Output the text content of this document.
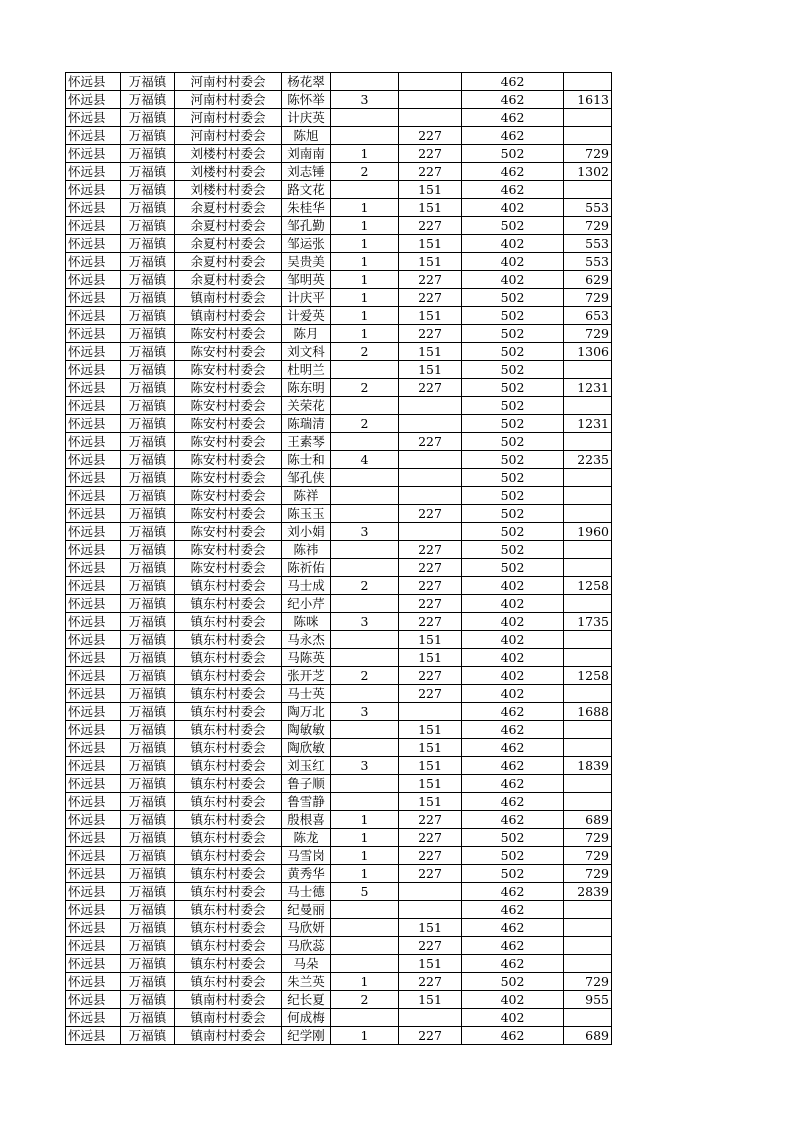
怀远县	万福镇	河南村村委会	杨花翠			462	
怀远县	万福镇	河南村村委会	陈怀举	3		462	1613
怀远县	万福镇	河南村村委会	计庆英			462	
怀远县	万福镇	河南村村委会	陈旭		227	462	
怀远县	万福镇	刘楼村村委会	刘南南	1	227	502	729
怀远县	万福镇	刘楼村村委会	刘志锤	2	227	462	1302
怀远县	万福镇	刘楼村村委会	路文花		151	462	
怀远县	万福镇	余夏村村委会	朱桂华	1	151	402	553
怀远县	万福镇	余夏村村委会	邹孔勤	1	227	502	729
怀远县	万福镇	余夏村村委会	邹运张	1	151	402	553
怀远县	万福镇	余夏村村委会	吴贵美	1	151	402	553
怀远县	万福镇	余夏村村委会	邹明英	1	227	402	629
怀远县	万福镇	镇南村村委会	计庆平	1	227	502	729
怀远县	万福镇	镇南村村委会	计爱英	1	151	502	653
怀远县	万福镇	陈安村村委会	陈月	1	227	502	729
怀远县	万福镇	陈安村村委会	刘文科	2	151	502	1306
怀远县	万福镇	陈安村村委会	杜明兰		151	502	
怀远县	万福镇	陈安村村委会	陈东明	2	227	502	1231
怀远县	万福镇	陈安村村委会	关荣花			502	
怀远县	万福镇	陈安村村委会	陈瑞清	2		502	1231
怀远县	万福镇	陈安村村委会	王素琴		227	502	
怀远县	万福镇	陈安村村委会	陈士和	4		502	2235
怀远县	万福镇	陈安村村委会	邹孔侠			502	
怀远县	万福镇	陈安村村委会	陈祥			502	
怀远县	万福镇	陈安村村委会	陈玉玉		227	502	
怀远县	万福镇	陈安村村委会	刘小娟	3		502	1960
怀远县	万福镇	陈安村村委会	陈祎		227	502	
怀远县	万福镇	陈安村村委会	陈祈佑		227	502	
怀远县	万福镇	镇东村村委会	马士成	2	227	402	1258
怀远县	万福镇	镇东村村委会	纪小芹		227	402	
怀远县	万福镇	镇东村村委会	陈咪	3	227	402	1735
怀远县	万福镇	镇东村村委会	马永杰		151	402	
怀远县	万福镇	镇东村村委会	马陈英		151	402	
怀远县	万福镇	镇东村村委会	张开芝	2	227	402	1258
怀远县	万福镇	镇东村村委会	马士英		227	402	
怀远县	万福镇	镇东村村委会	陶万北	3		462	1688
怀远县	万福镇	镇东村村委会	陶敏敏		151	462	
怀远县	万福镇	镇东村村委会	陶欣敏		151	462	
怀远县	万福镇	镇东村村委会	刘玉红	3	151	462	1839
怀远县	万福镇	镇东村村委会	鲁子顺		151	462	
怀远县	万福镇	镇东村村委会	鲁雪静		151	462	
怀远县	万福镇	镇东村村委会	殷根喜	1	227	462	689
怀远县	万福镇	镇东村村委会	陈龙	1	227	502	729
怀远县	万福镇	镇东村村委会	马雪岗	1	227	502	729
怀远县	万福镇	镇东村村委会	黄秀华	1	227	502	729
怀远县	万福镇	镇东村村委会	马士德	5		462	2839
怀远县	万福镇	镇东村村委会	纪曼丽			462	
怀远县	万福镇	镇东村村委会	马欣妍		151	462	
怀远县	万福镇	镇东村村委会	马欣蕊		227	462	
怀远县	万福镇	镇东村村委会	马朵		151	462	
怀远县	万福镇	镇东村村委会	朱兰英	1	227	502	729
怀远县	万福镇	镇南村村委会	纪长夏	2	151	402	955
怀远县	万福镇	镇南村村委会	何成梅			402	
怀远县	万福镇	镇南村村委会	纪学刚	1	227	462	689
